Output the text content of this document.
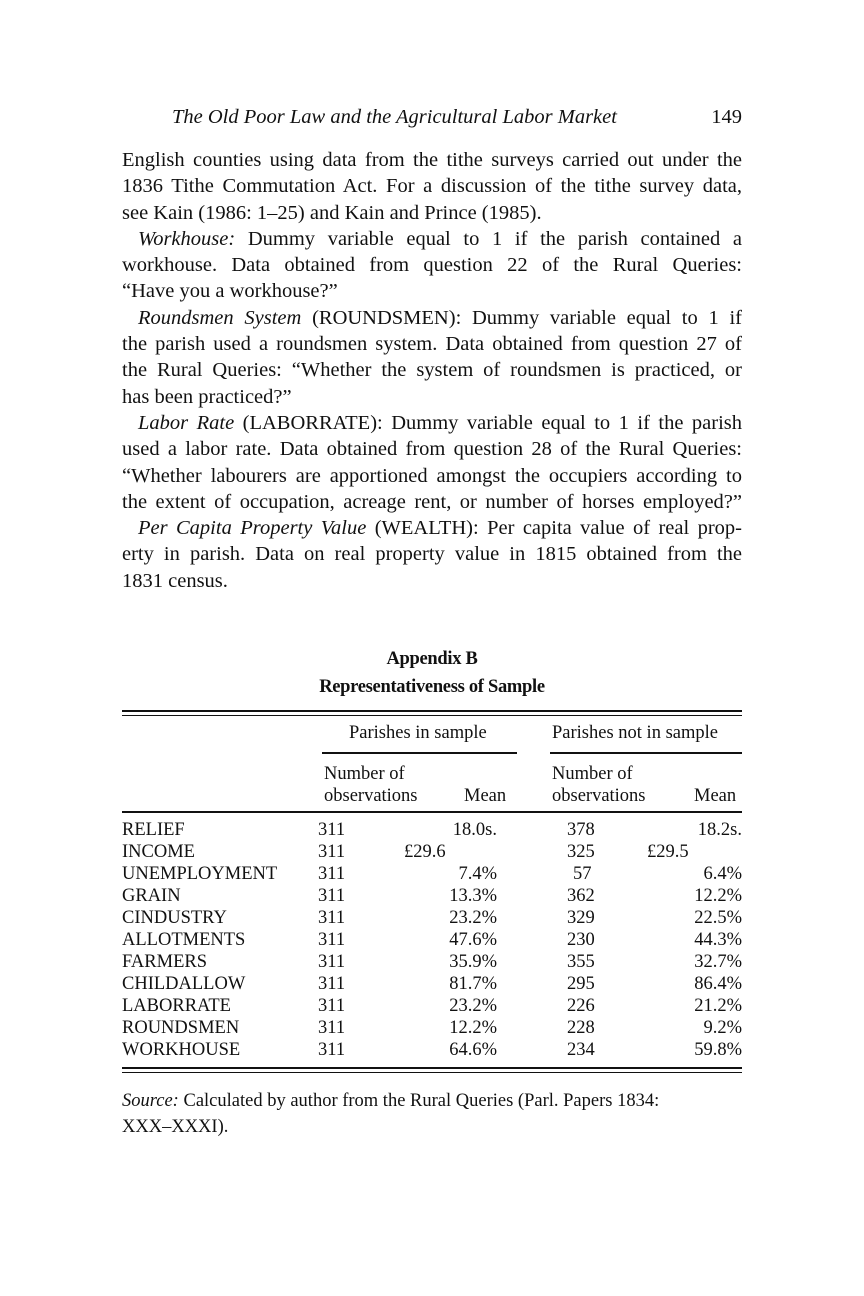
The Old Poor Law and the Agricultural Labor Market	149
English counties using data from the tithe surveys carried out under the
1836 Tithe Commutation Act. For a discussion of the tithe survey data,
see Kain (1986: 1–25) and Kain and Prince (1985).
Workhouse: Dummy variable equal to 1 if the parish contained a
workhouse. Data obtained from question 22 of the Rural Queries:
“Have you a workhouse?”
Roundsmen System (ROUNDSMEN): Dummy variable equal to 1 if
the parish used a roundsmen system. Data obtained from question 27 of
the Rural Queries: “Whether the system of roundsmen is practiced, or
has been practiced?”
Labor Rate (LABORRATE): Dummy variable equal to 1 if the parish
used a labor rate. Data obtained from question 28 of the Rural Queries:
“Whether labourers are apportioned amongst the occupiers according to
the extent of occupation, acreage rent, or number of horses employed?”
Per Capita Property Value (WEALTH): Per capita value of real prop-
erty in parish. Data on real property value in 1815 obtained from the
1831 census.
Appendix B
Representativeness of Sample
Parishes in sample	Parishes not in sample
Number of
observations	Mean
Number of
observations	Mean
RELIEF	311	18.0s.	378	18.2s.
INCOME	311	£29.6	325	£29.5
UNEMPLOYMENT 311	7.4%	57	6.4%
GRAIN	311	13.3%	362	12.2%
CINDUSTRY	311	23.2%	329	22.5%
ALLOTMENTS	311	47.6%	230	44.3%
FARMERS	311	35.9%	355	32.7%
CHILDALLOW	311	81.7%	295	86.4%
LABORRATE	311	23.2%	226	21.2%
ROUNDSMEN	311	12.2%	228	9.2%
WORKHOUSE	311	64.6%	234	59.8%
Source: Calculated by author from the Rural Queries (Parl. Papers 1834:
XXX–XXXI).
